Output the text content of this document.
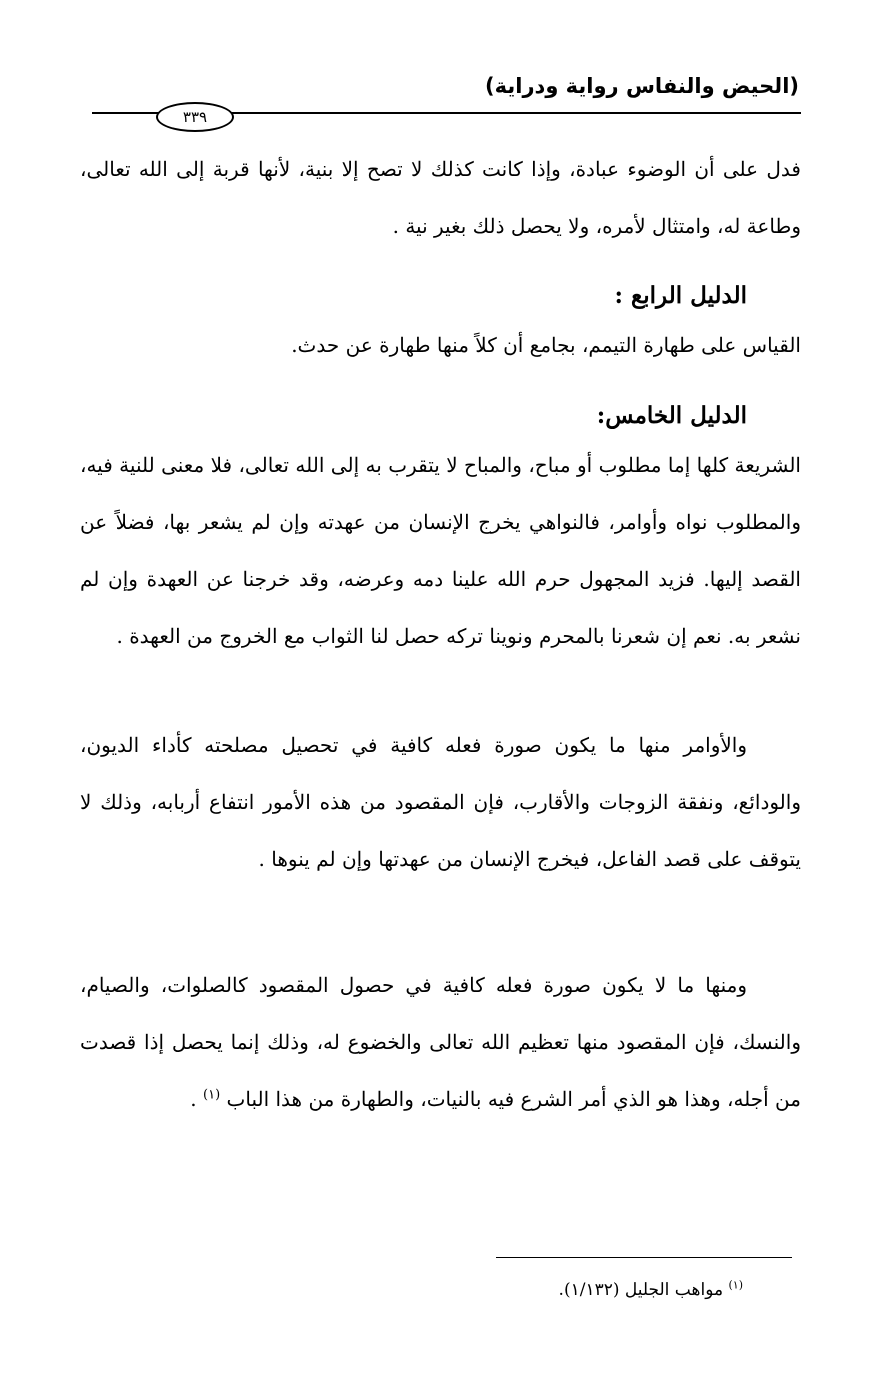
(الحيض والنفاس رواية ودراية)
٣٣٩

فدل على أن الوضوء عبادة، وإذا كانت كذلك لا تصح إلا بنية، لأنها قربة إلى الله تعالى، وطاعة له، وامتثال لأمره، ولا يحصل ذلك بغير نية .

الدليل الرابع :

القياس على طهارة التيمم، بجامع أن كلاً منها طهارة عن حدث.

الدليل الخامس:

الشريعة كلها إما مطلوب أو مباح، والمباح لا يتقرب به إلى الله تعالى، فلا معنى للنية فيه، والمطلوب نواه وأوامر، فالنواهي يخرج الإنسان من عهدته وإن لم يشعر بها، فضلاً عن القصد إليها. فزيد المجهول حرم الله علينا دمه وعرضه، وقد خرجنا عن العهدة وإن لم نشعر به. نعم إن شعرنا بالمحرم ونوينا تركه حصل لنا الثواب مع الخروج من العهدة .

والأوامر منها ما يكون صورة فعله كافية في تحصيل مصلحته كأداء الديون، والودائع، ونفقة الزوجات والأقارب، فإن المقصود من هذه الأمور انتفاع أربابه، وذلك لا يتوقف على قصد الفاعل، فيخرج الإنسان من عهدتها وإن لم ينوها .

ومنها ما لا يكون صورة فعله كافية في حصول المقصود كالصلوات، والصيام، والنسك، فإن المقصود منها تعظيم الله تعالى والخضوع له، وذلك إنما يحصل إذا قصدت من أجله، وهذا هو الذي أمر الشرع فيه بالنيات، والطهارة من هذا الباب $^{(١)}$ .

$^{(١)}$ مواهب الجليل (١/١٣٢).
